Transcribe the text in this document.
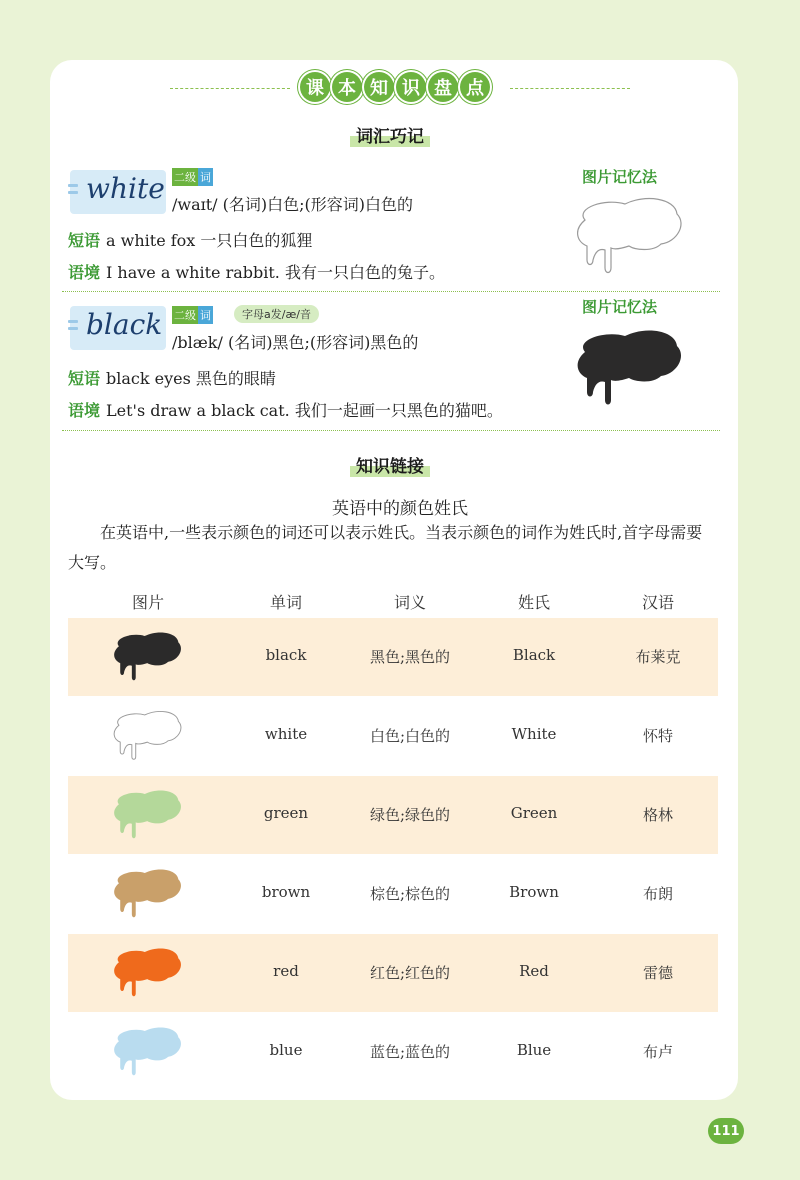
课 本 知 识 盘 点
词汇巧记
white 二级 词
/waɪt/ (名词)白色;(形容词)白色的
短语 a white fox 一只白色的狐狸
语境 I have a white rabbit. 我有一只白色的兔子。
图片记忆法
black 二级 词	字母a发/æ/音
/blæk/ (名词)黑色;(形容词)黑色的
短语 black eyes 黑色的眼睛
语境 Let's draw a black cat. 我们一起画一只黑色的猫吧。
图片记忆法
知识链接
英语中的颜色姓氏
在英语中,一些表示颜色的词还可以表示姓氏。当表示颜色的词作为姓氏时,首字母需要大写。
图片	单词	词义	姓氏	汉语
black	黑色;黑色的	Black	布莱克
white	白色;白色的	White	怀特
green	绿色;绿色的	Green	格林
brown	棕色;棕色的	Brown	布朗
red	红色;红色的	Red	雷德
blue	蓝色;蓝色的	Blue	布卢
111
